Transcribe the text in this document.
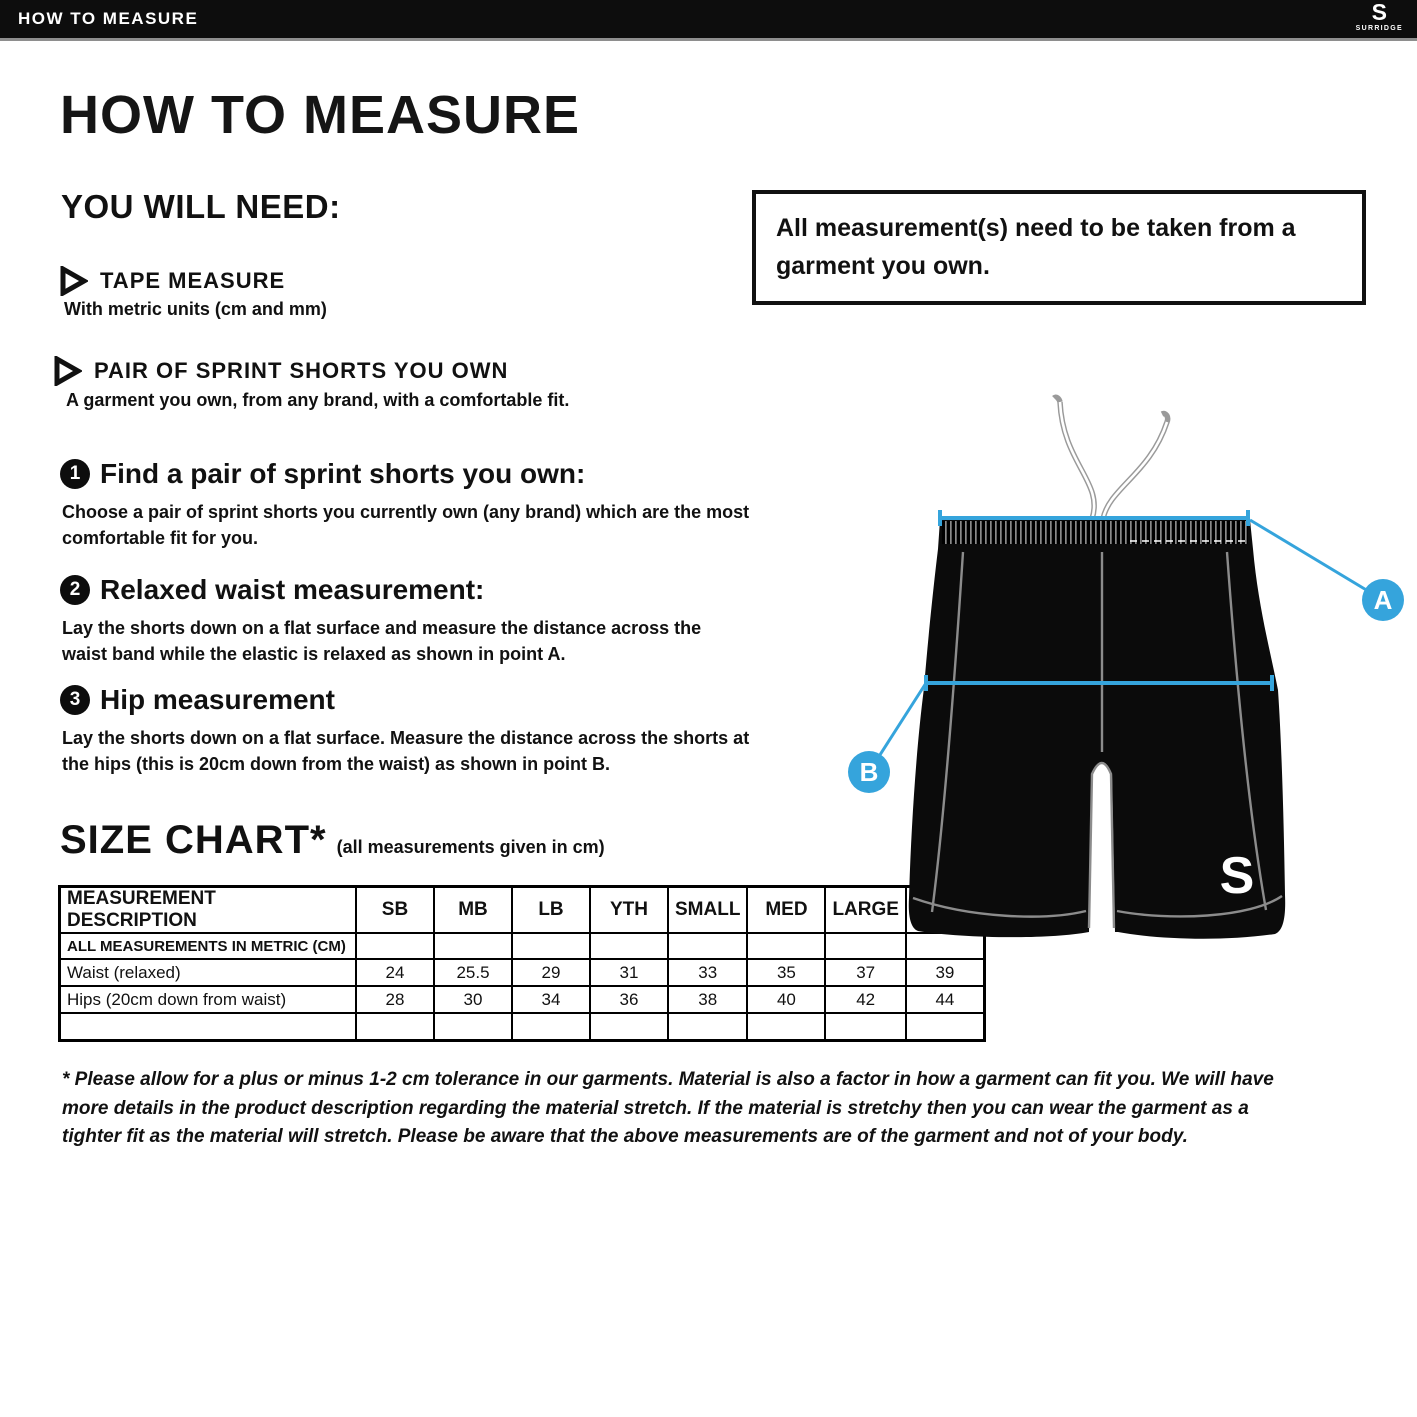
HOW TO MEASURE	S
SURRIDGE
HOW TO MEASURE
YOU WILL NEED:
TAPE MEASURE
With metric units (cm and mm)
PAIR OF SPRINT SHORTS YOU OWN
A garment you own, from any brand, with a comfortable fit.
All measurement(s) need to be taken from a garment you own.
1 Find a pair of sprint shorts you own:
Choose a pair of sprint shorts you currently own (any brand) which are the most comfortable fit for you.
2 Relaxed waist measurement:
Lay the shorts down on a flat surface and measure the distance across the waist band while the elastic is relaxed as shown in point A.
3 Hip measurement
Lay the shorts down on a flat surface. Measure the distance across the shorts at the hips (this is 20cm down from the waist) as shown in point B.
SIZE CHART* (all measurements given in cm)
MEASUREMENT DESCRIPTION	SB	MB	LB	YTH	SMALL	MED	LARGE	
ALL MEASUREMENTS IN METRIC (CM)								
Waist (relaxed)	24	25.5	29	31	33	35	37	39
Hips (20cm down from waist)	28	30	34	36	38	40	42	44

* Please allow for a plus or minus 1-2 cm tolerance in our garments. Material is also a factor in how a garment can fit you. We will have
more details in the product description regarding the material stretch. If the material is stretchy then you can wear the garment as a
tighter fit as the material will stretch. Please be aware that the above measurements are of the garment and not of your body.
S
A
B
